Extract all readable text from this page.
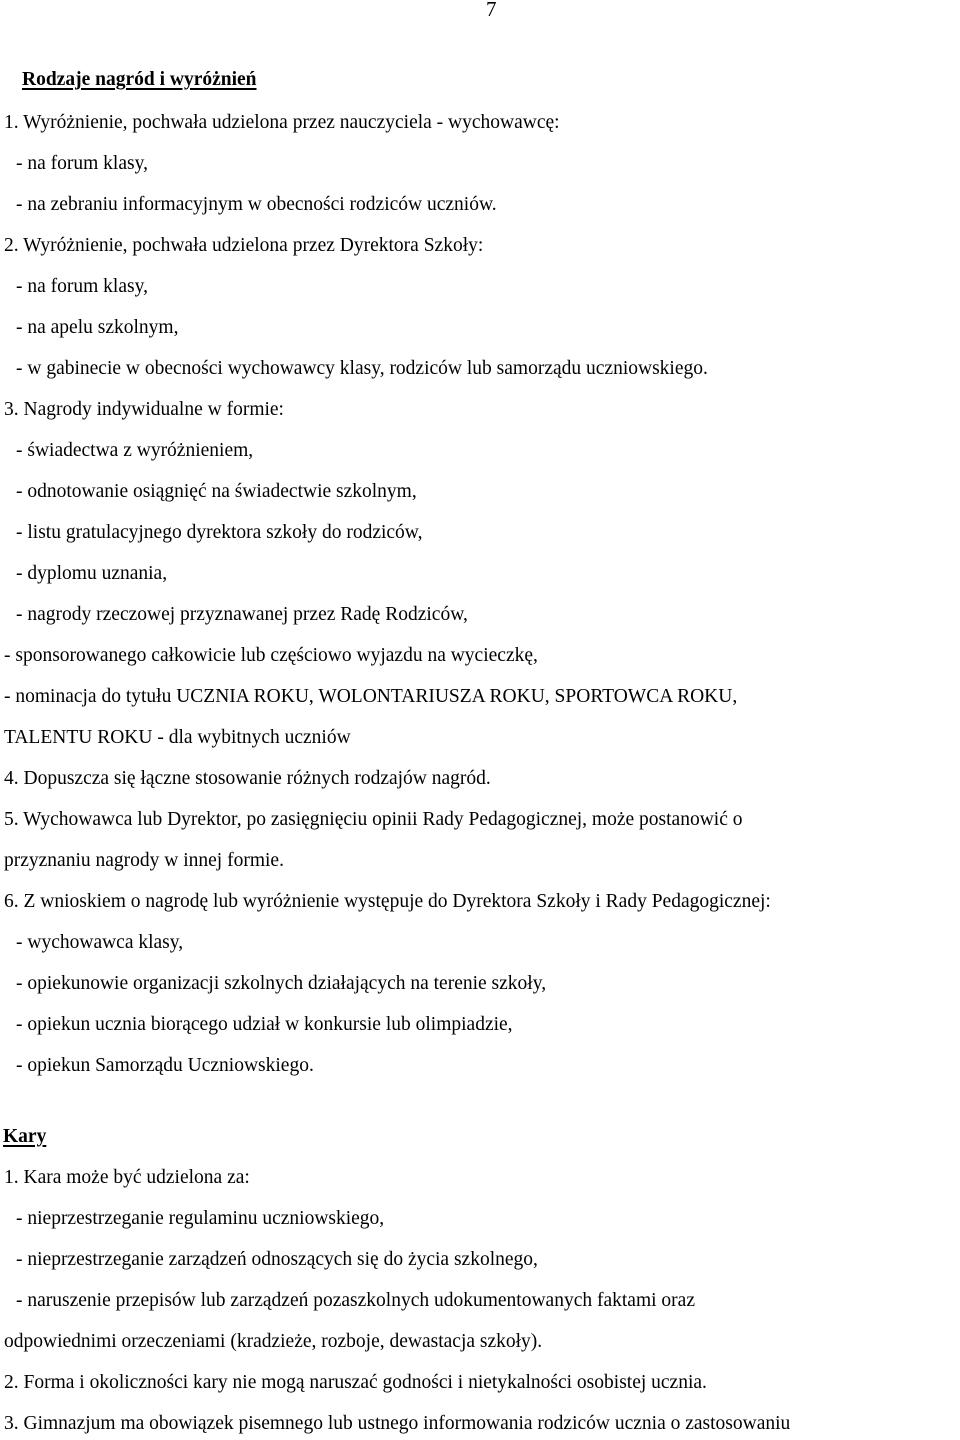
7
Rodzaje nagród i wyróżnień
1. Wyróżnienie, pochwała udzielona przez nauczyciela - wychowawcę:
- na forum klasy,
- na zebraniu informacyjnym w obecności rodziców uczniów.
2. Wyróżnienie, pochwała udzielona przez Dyrektora Szkoły:
- na forum klasy,
- na apelu szkolnym,
- w gabinecie w obecności wychowawcy klasy, rodziców lub samorządu uczniowskiego.
3. Nagrody indywidualne w formie:
- świadectwa z wyróżnieniem,
- odnotowanie osiągnięć na świadectwie szkolnym,
- listu gratulacyjnego dyrektora szkoły do rodziców,
- dyplomu uznania,
- nagrody rzeczowej przyznawanej przez Radę Rodziców,
- sponsorowanego całkowicie lub częściowo wyjazdu na wycieczkę,
- nominacja do tytułu UCZNIA ROKU, WOLONTARIUSZA ROKU, SPORTOWCA ROKU,
TALENTU ROKU - dla wybitnych uczniów
4. Dopuszcza się łączne stosowanie różnych rodzajów nagród.
5. Wychowawca lub Dyrektor, po zasięgnięciu opinii Rady Pedagogicznej, może postanowić o
przyznaniu nagrody w innej formie.
6. Z wnioskiem o nagrodę lub wyróżnienie występuje do Dyrektora Szkoły i Rady Pedagogicznej:
- wychowawca klasy,
- opiekunowie organizacji szkolnych działających na terenie szkoły,
- opiekun ucznia biorącego udział w konkursie lub olimpiadzie,
- opiekun Samorządu Uczniowskiego.
Kary
1. Kara może być udzielona za:
- nieprzestrzeganie regulaminu uczniowskiego,
- nieprzestrzeganie zarządzeń odnoszących się do życia szkolnego,
- naruszenie przepisów lub zarządzeń pozaszkolnych udokumentowanych faktami oraz
odpowiednimi orzeczeniami (kradzieże, rozboje, dewastacja szkoły).
2. Forma i okoliczności kary nie mogą naruszać godności i nietykalności osobistej ucznia.
3. Gimnazjum ma obowiązek pisemnego lub ustnego informowania rodziców ucznia o zastosowaniu
